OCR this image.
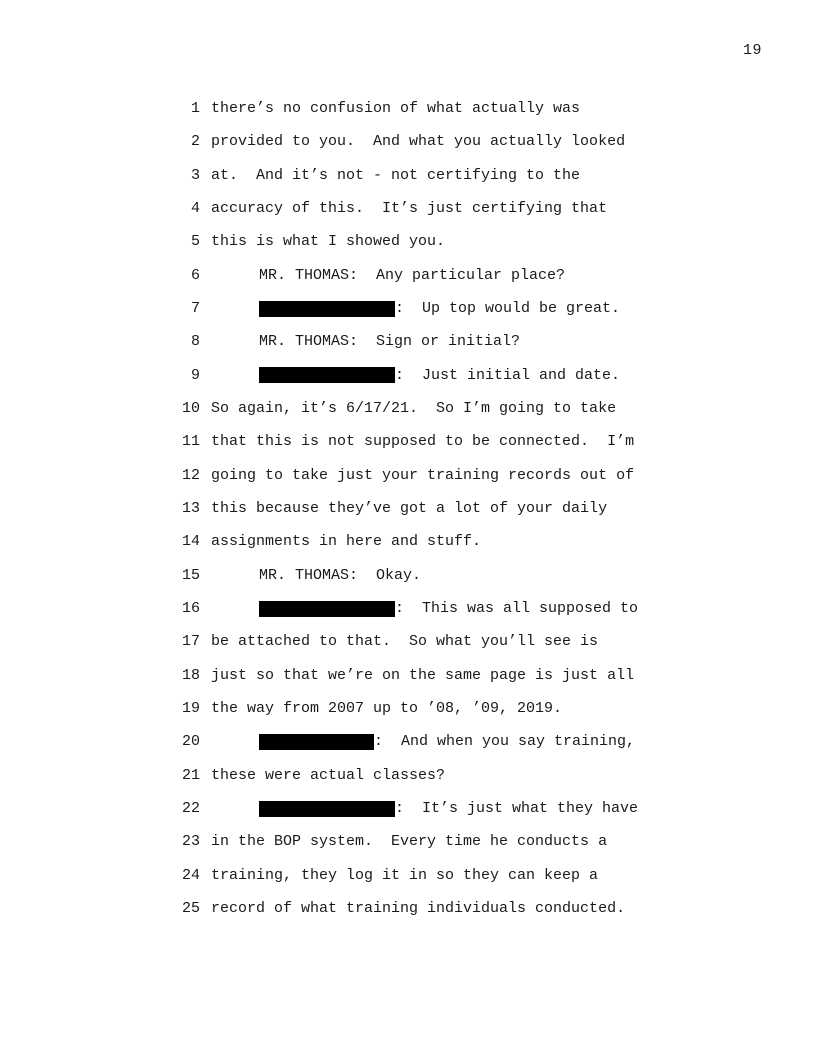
19
1 there’s no confusion of what actually was
2 provided to you.  And what you actually looked
3 at.  And it’s not - not certifying to the
4 accuracy of this.  It’s just certifying that
5 this is what I showed you.
6	MR. THOMAS:  Any particular place?
7	:  Up top would be great.
8	MR. THOMAS:  Sign or initial?
9	:  Just initial and date.
10 So again, it’s 6/17/21.  So I’m going to take
11 that this is not supposed to be connected.  I’m
12 going to take just your training records out of
13 this because they’ve got a lot of your daily
14 assignments in here and stuff.
15	MR. THOMAS:  Okay.
16	:  This was all supposed to
17 be attached to that.  So what you’ll see is
18 just so that we’re on the same page is just all
19 the way from 2007 up to ’08, ’09, 2019.
20	:  And when you say training,
21 these were actual classes?
22	:  It’s just what they have
23 in the BOP system.  Every time he conducts a
24 training, they log it in so they can keep a
25 record of what training individuals conducted.
